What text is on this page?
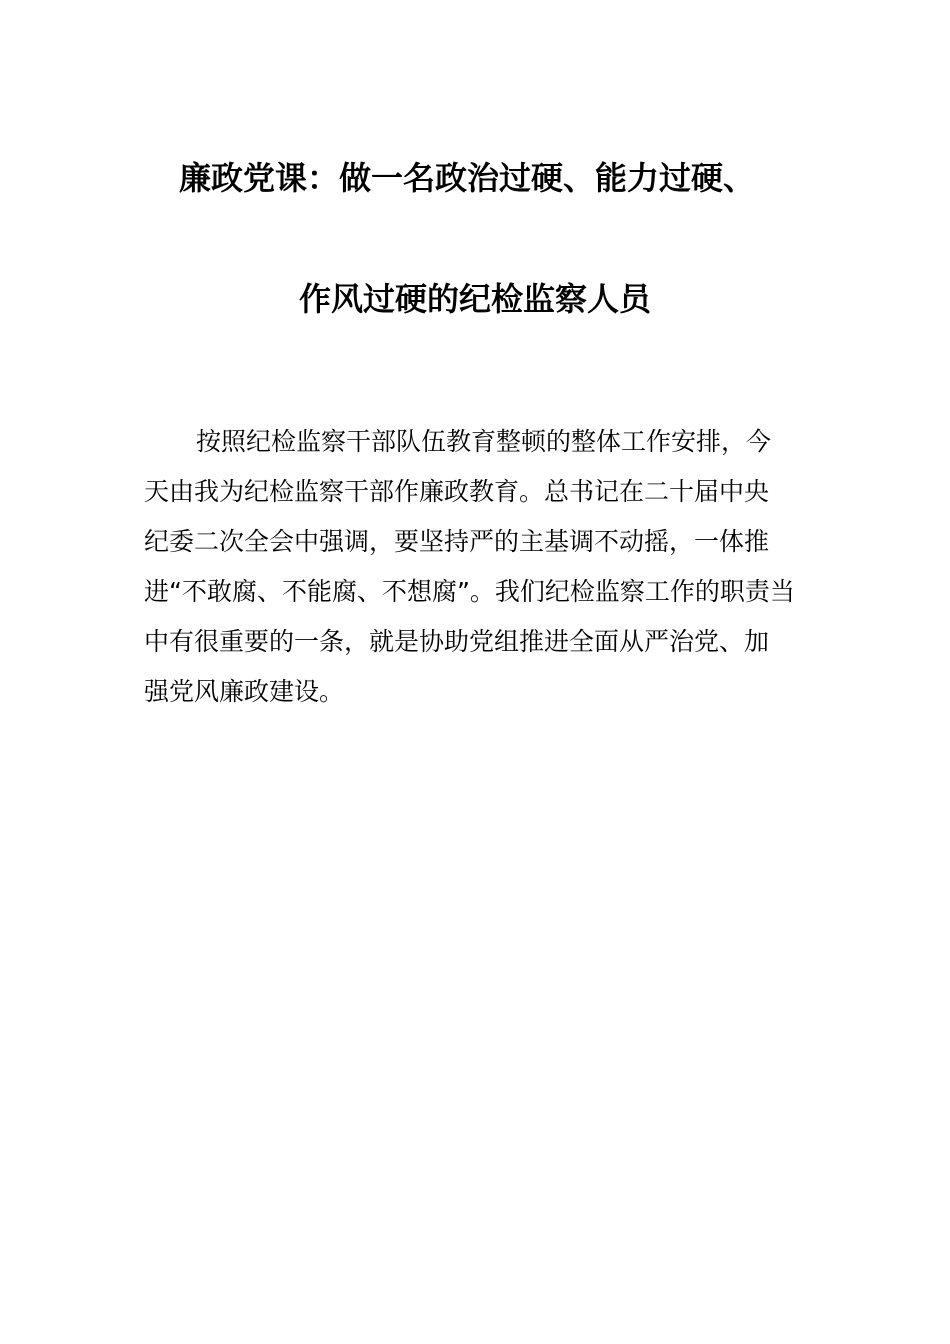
廉政党课：做一名政治过硬、能力过硬、
作风过硬的纪检监察人员
按照纪检监察干部队伍教育整顿的整体工作安排，今
天由我为纪检监察干部作廉政教育。总书记在二十届中央
纪委二次全会中强调，要坚持严的主基调不动摇，一体推
进“不敢腐、不能腐、不想腐”。我们纪检监察工作的职责当
中有很重要的一条，就是协助党组推进全面从严治党、加
强党风廉政建设。
